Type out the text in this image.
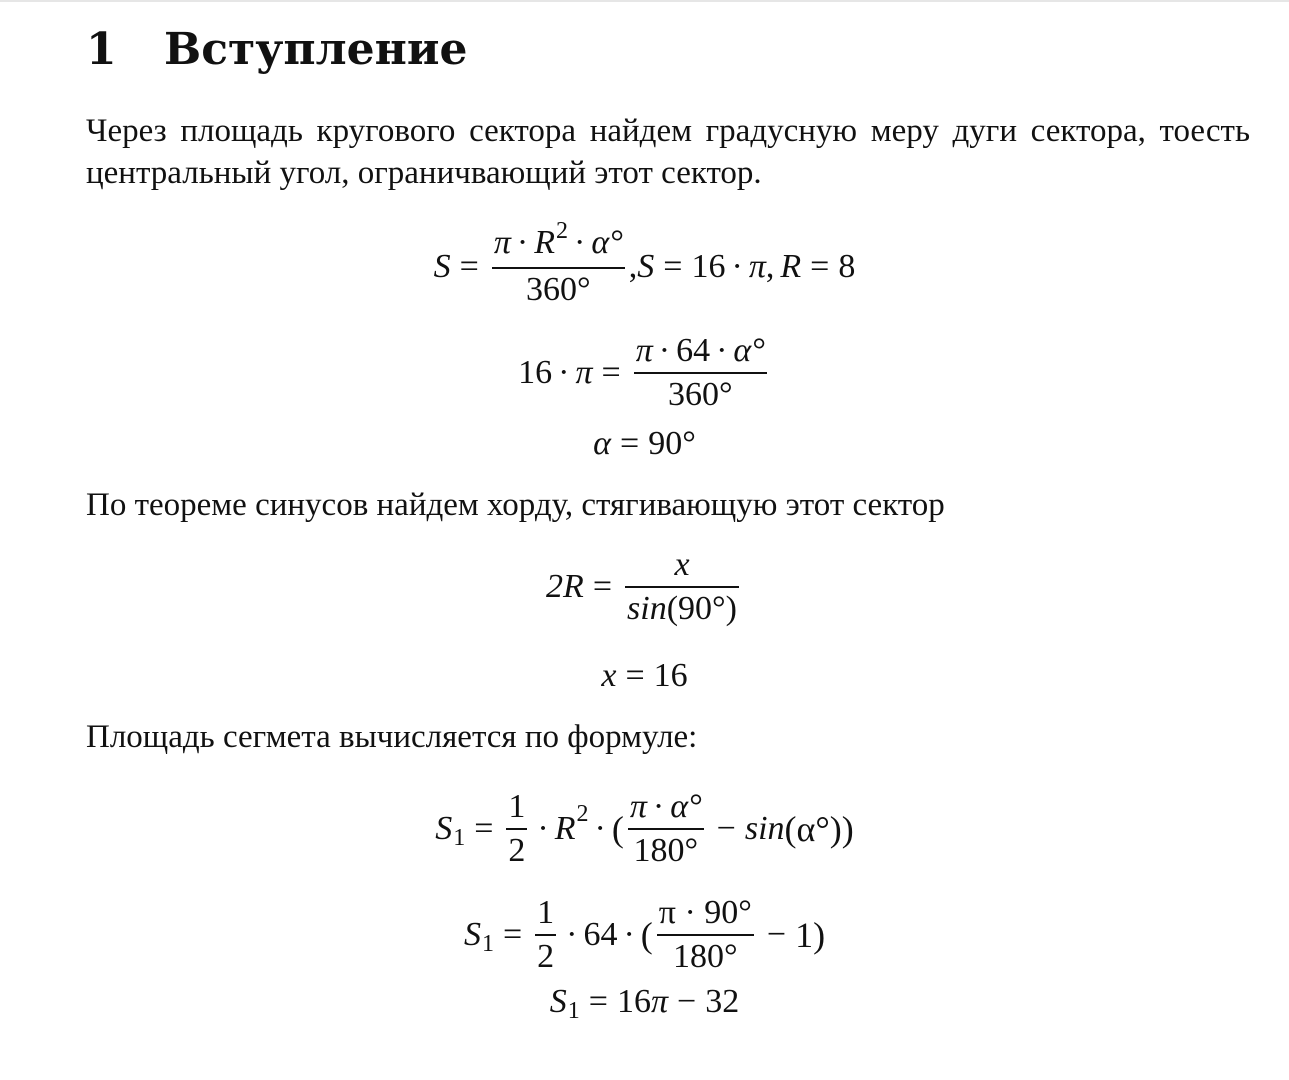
1 Вступление

Через площадь кругового сектора найдем градусную меру дуги сектора, тоесть центральный угол, ограничвающий этот сектор.

$S = \frac{\pi \cdot R^2 \cdot \alpha^\circ}{360^\circ}$ , S = 16 · π , R = 8
$16 \cdot \pi = \frac{\pi \cdot 64 \cdot \alpha^\circ}{360^\circ}$
α = 90°

По теореме синусов найдем хорду, стягивающую этот сектор

$2R = \frac{x}{\sin(90^\circ)}$
x = 16

Площадь сегмета вычисляется по формуле:

S $1 = \frac{1}{2} \cdot R$ 2 · ( $\frac{\pi \cdot \alpha^\circ}{180^\circ} - \sin (\alpha^\circ)$)
S $1 = \frac{1}{2} \cdot 64$ · ( $\frac{\pi \cdot 90^\circ}{180^\circ} - 1$)
S 1 = 16 π − 32
